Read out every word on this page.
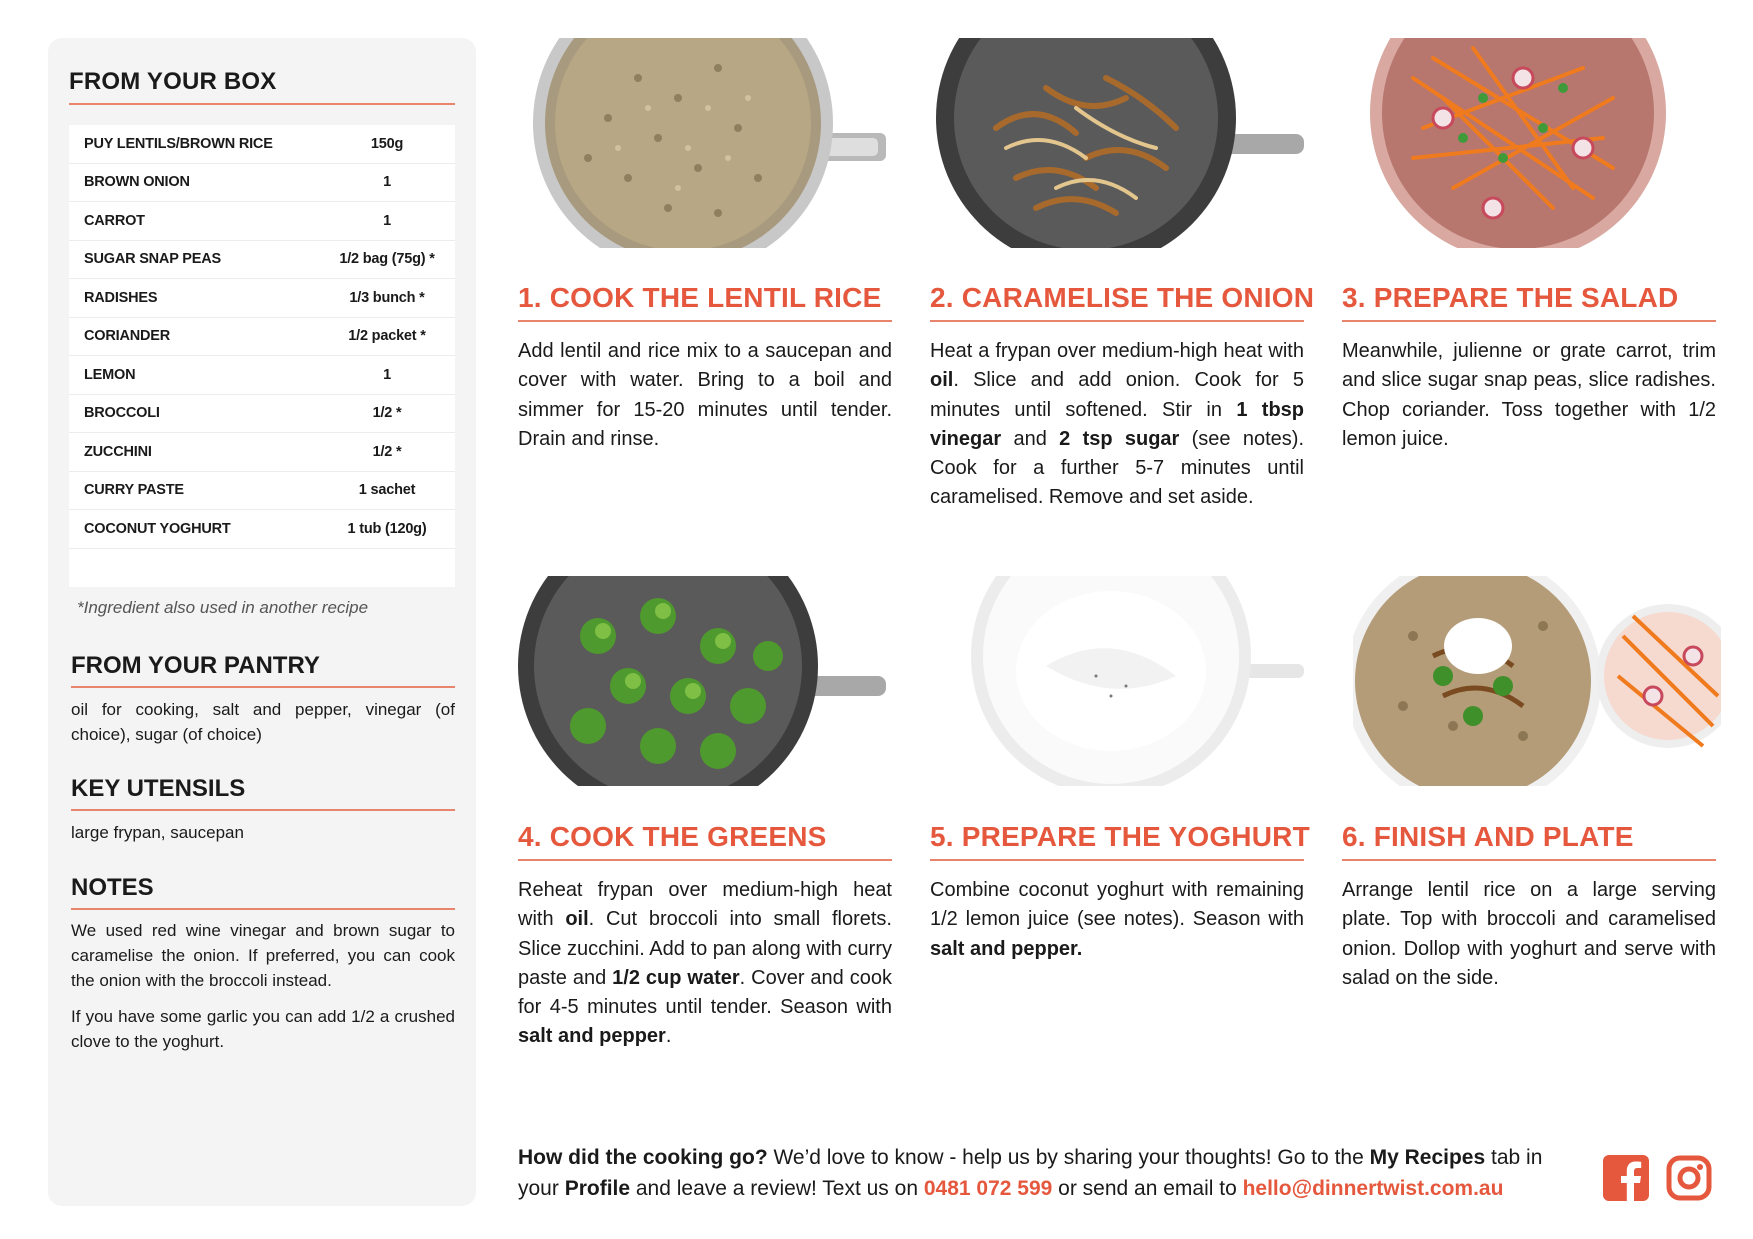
FROM YOUR BOX
PUY LENTILS/BROWN RICE	150g
BROWN ONION	1
CARROT	1
SUGAR SNAP PEAS	1/2 bag (75g) *
RADISHES	1/3 bunch *
CORIANDER	1/2 packet *
LEMON	1
BROCCOLI	1/2 *
ZUCCHINI	1/2 *
CURRY PASTE	1 sachet
COCONUT YOGHURT	1 tub (120g)
*Ingredient also used in another recipe
FROM YOUR PANTRY
oil for cooking, salt and pepper, vinegar (of choice), sugar (of choice)
KEY UTENSILS
large frypan, saucepan
NOTES
We used red wine vinegar and brown sugar to caramelise the onion. If preferred, you can cook the onion with the broccoli instead.
If you have some garlic you can add 1/2 a crushed clove to the yoghurt.
1. COOK THE LENTIL RICE
Add lentil and rice mix to a saucepan and cover with water. Bring to a boil and simmer for 15-20 minutes until tender. Drain and rinse.
2. CARAMELISE THE ONION
Heat a frypan over medium-high heat with oil. Slice and add onion. Cook for 5 minutes until softened. Stir in 1 tbsp vinegar and 2 tsp sugar (see notes). Cook for a further 5-7 minutes until caramelised. Remove and set aside.
3. PREPARE THE SALAD
Meanwhile, julienne or grate carrot, trim and slice sugar snap peas, slice radishes. Chop coriander. Toss together with 1/2 lemon juice.
4. COOK THE GREENS
Reheat frypan over medium-high heat with oil. Cut broccoli into small florets. Slice zucchini. Add to pan along with curry paste and 1/2 cup water. Cover and cook for 4-5 minutes until tender. Season with salt and pepper.
5. PREPARE THE YOGHURT
Combine coconut yoghurt with remaining 1/2 lemon juice (see notes). Season with salt and pepper.
6. FINISH AND PLATE
Arrange lentil rice on a large serving plate. Top with broccoli and caramelised onion. Dollop with yoghurt and serve with salad on the side.
How did the cooking go? We’d love to know - help us by sharing your thoughts! Go to the My Recipes tab in your Profile and leave a review! Text us on 0481 072 599 or send an email to hello@dinnertwist.com.au
